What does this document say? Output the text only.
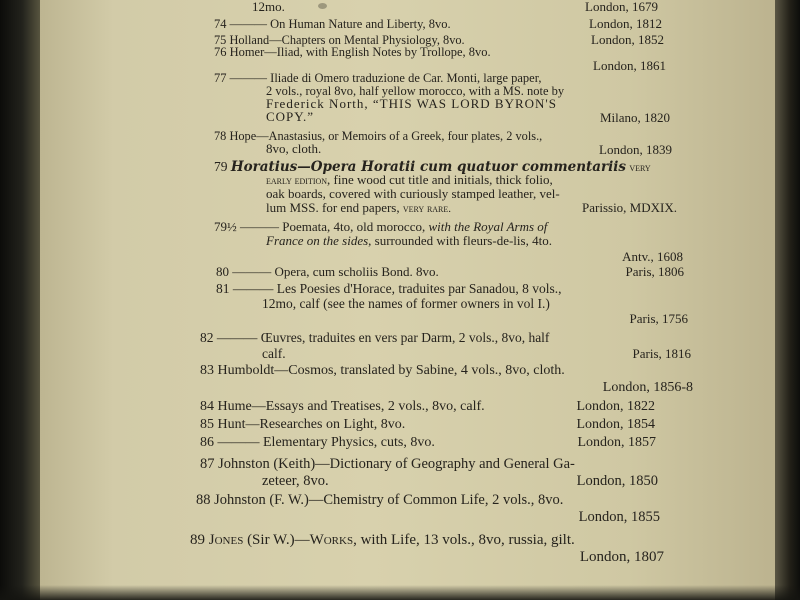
12mo.	London, 1679
74 ——— On Human Nature and Liberty, 8vo.	London, 1812
75 Holland—Chapters on Mental Physiology, 8vo.	London, 1852
76 Homer—Iliad, with English Notes by Trollope, 8vo.
London, 1861
77 ——— Iliade di Omero traduzione de Car. Monti, large paper,
2 vols., royal 8vo, half yellow morocco, with a MS. note by
Frederick North, “THIS WAS LORD BYRON'S
COPY.”	Milano, 1820
78 Hope—Anastasius, or Memoirs of a Greek, four plates, 2 vols.,
8vo, cloth.	London, 1839
79 Horatius—Opera Horatii cum quatuor commentariis very
early edition, fine wood cut title and initials, thick folio,
oak boards, covered with curiously stamped leather, vel-
lum MSS. for end papers, very rare.	Parissio, MDXIX.
79½ ——— Poemata, 4to, old morocco, with the Royal Arms of
France on the sides, surrounded with fleurs-de-lis, 4to.
Antv., 1608
80 ——— Opera, cum scholiis Bond. 8vo.	Paris, 1806
81 ——— Les Poesies d'Horace, traduites par Sanadou, 8 vols.,
12mo, calf (see the names of former owners in vol I.)
Paris, 1756
82 ——— Œuvres, traduites en vers par Darm, 2 vols., 8vo, half
calf.	Paris, 1816
83 Humboldt—Cosmos, translated by Sabine, 4 vols., 8vo, cloth.
London, 1856-8
84 Hume—Essays and Treatises, 2 vols., 8vo, calf.	London, 1822
85 Hunt—Researches on Light, 8vo.	London, 1854
86 ——— Elementary Physics, cuts, 8vo.	London, 1857
87 Johnston (Keith)—Dictionary of Geography and General Ga-
zeteer, 8vo.	London, 1850
88 Johnston (F. W.)—Chemistry of Common Life, 2 vols., 8vo.
London, 1855
89 Jones (Sir W.)—Works, with Life, 13 vols., 8vo, russia, gilt.
London, 1807
